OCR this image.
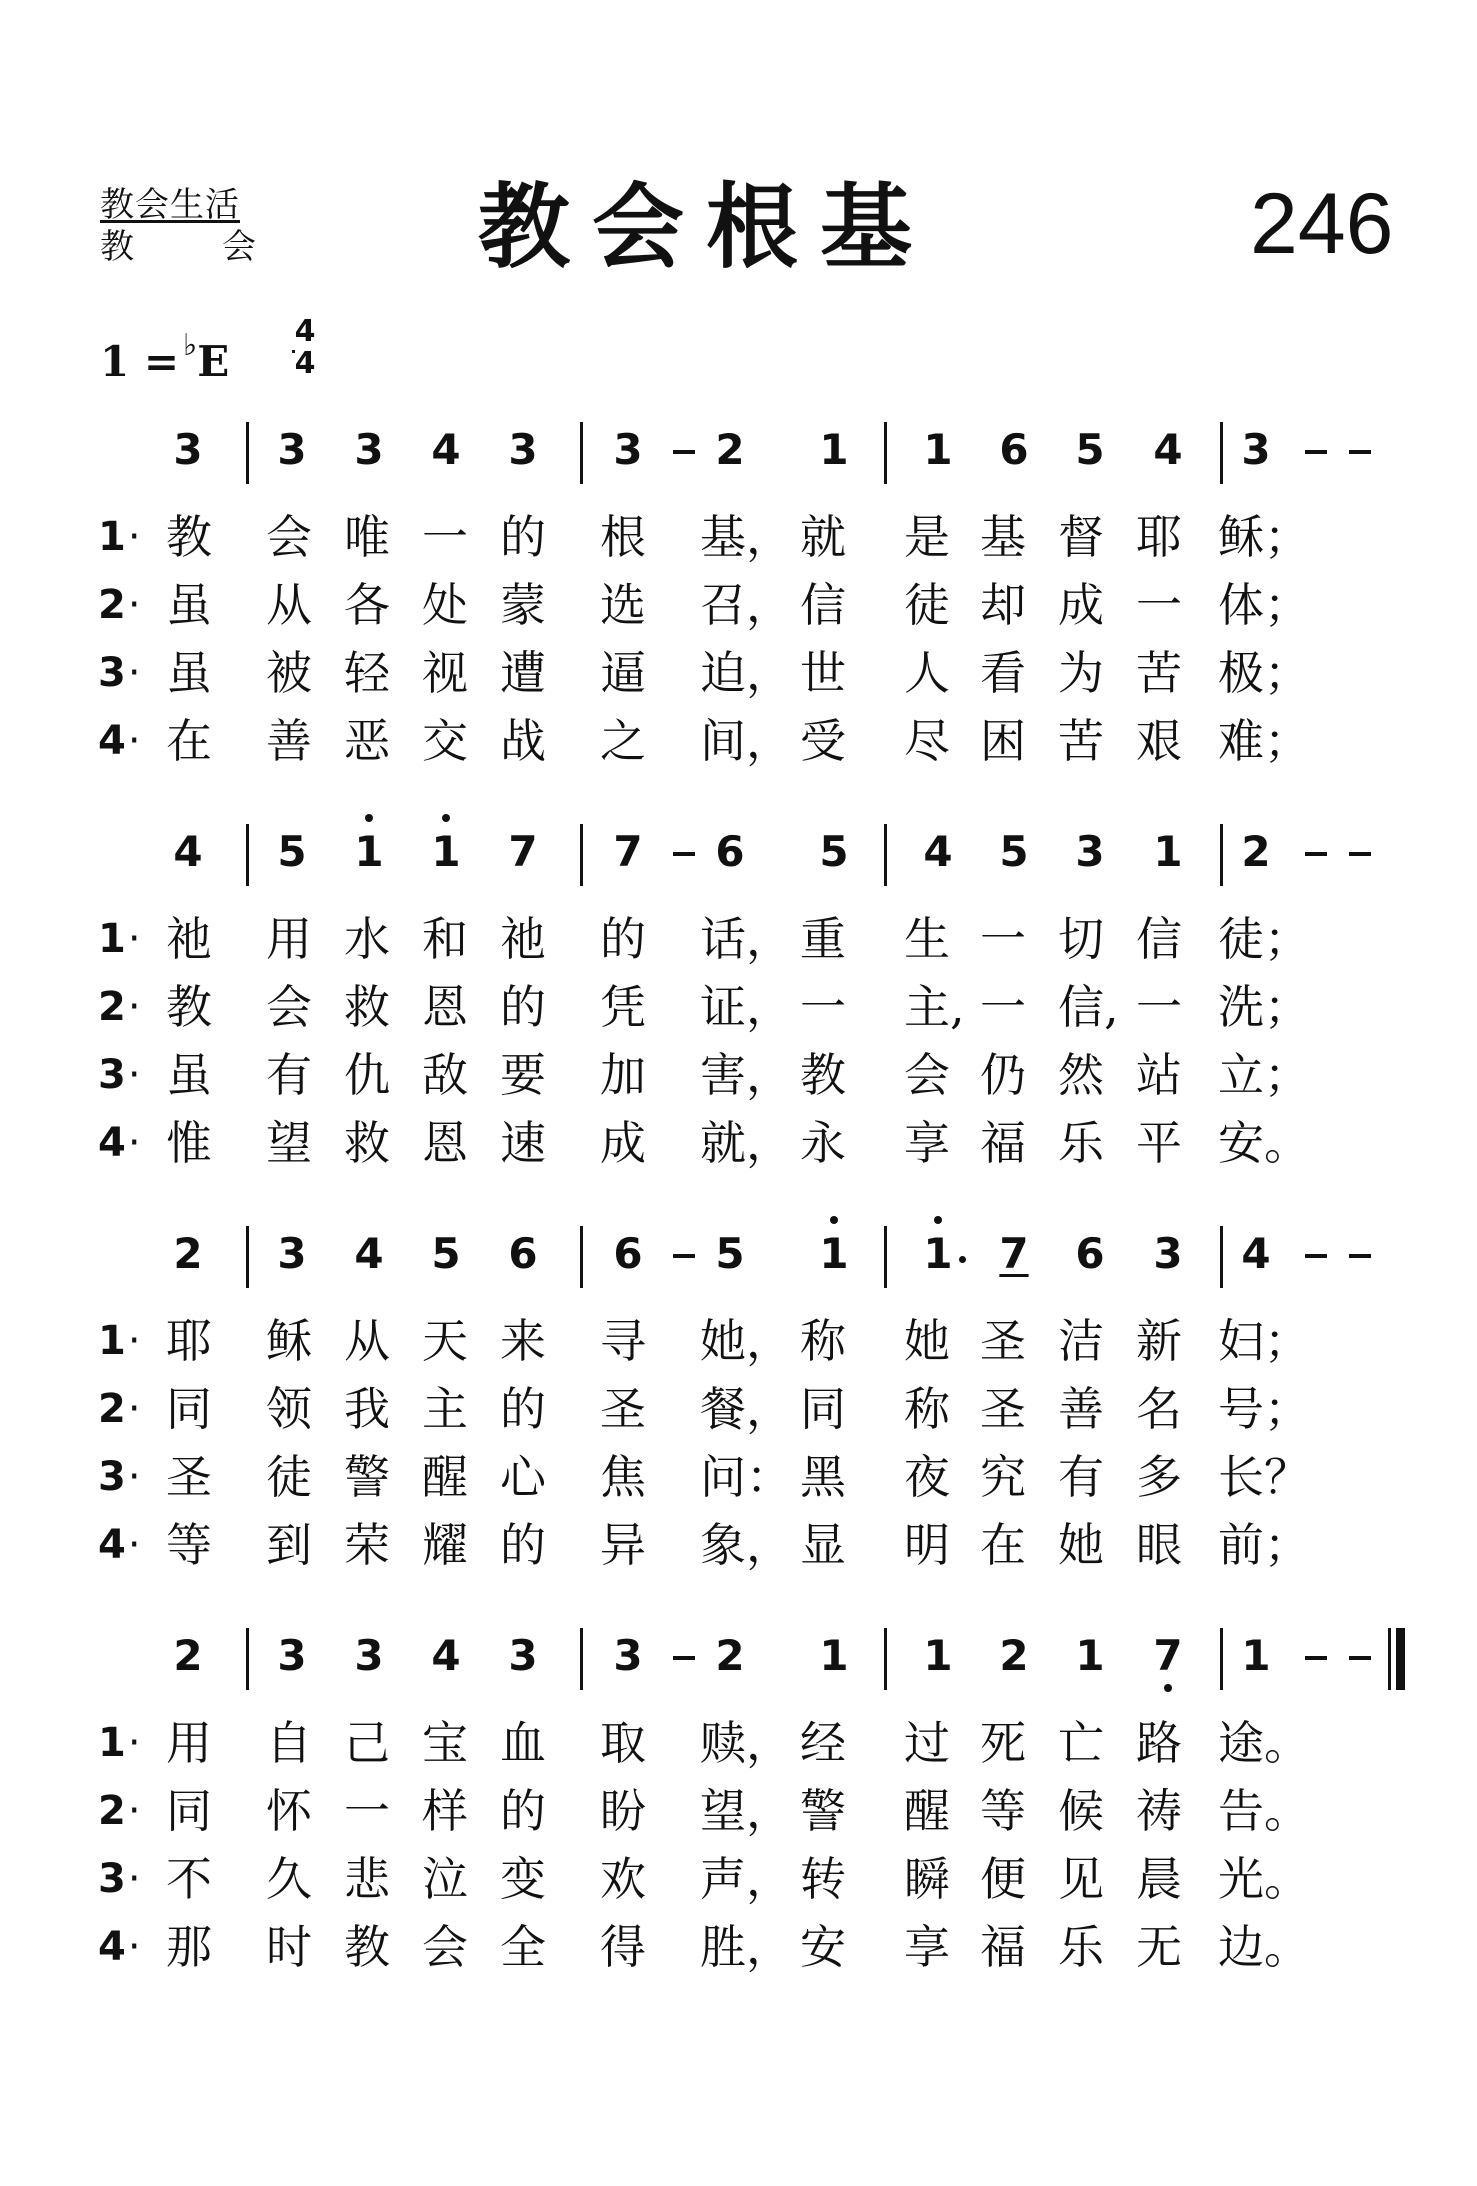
教会生活
教	会 教会根基	246
1 = ♭E
4
4
3 3 3 4 3 3 2 1 1 6 5 4 3
1 · 教 会 唯 一 的 根 基， 就 是 基 督 耶 稣；
2 · 虽 从 各 处 蒙 选 召， 信 徒 却 成 一 体；
3 · 虽 被 轻 视 遭 逼 迫， 世 人 看 为 苦 极；
4 · 在 善 恶 交 战 之 间， 受 尽 困 苦 艰 难；
4 5 1 1 7 7 6 5 4 5 3 1 2
1 · 祂 用 水 和 祂 的 话， 重 生 一 切 信 徒；
2 · 教 会 救 恩 的 凭 证， 一 主, 一 信, 一 洗；
3 · 虽 有 仇 敌 要 加 害， 教 会 仍 然 站 立；
4 · 惟 望 救 恩 速 成 就， 永 享 福 乐 平 安。
2 3 4 5 6 6 5 1 1 7 6 3 4
1 · 耶 稣 从 天 来 寻 她， 称 她 圣 洁 新 妇；
2 · 同 领 我 主 的 圣 餐， 同 称 圣 善 名 号；
3 · 圣 徒 警 醒 心 焦 问： 黑 夜 究 有 多 长？
4 · 等 到 荣 耀 的 异 象， 显 明 在 她 眼 前；
2 3 3 4 3 3 2 1 1 2 1 7 1
1 · 用 自 己 宝 血 取 赎， 经 过 死 亡 路 途。
2 · 同 怀 一 样 的 盼 望， 警 醒 等 候 祷 告。
3 · 不 久 悲 泣 变 欢 声， 转 瞬 便 见 晨 光。
4 · 那 时 教 会 全 得 胜， 安 享 福 乐 无 边。
